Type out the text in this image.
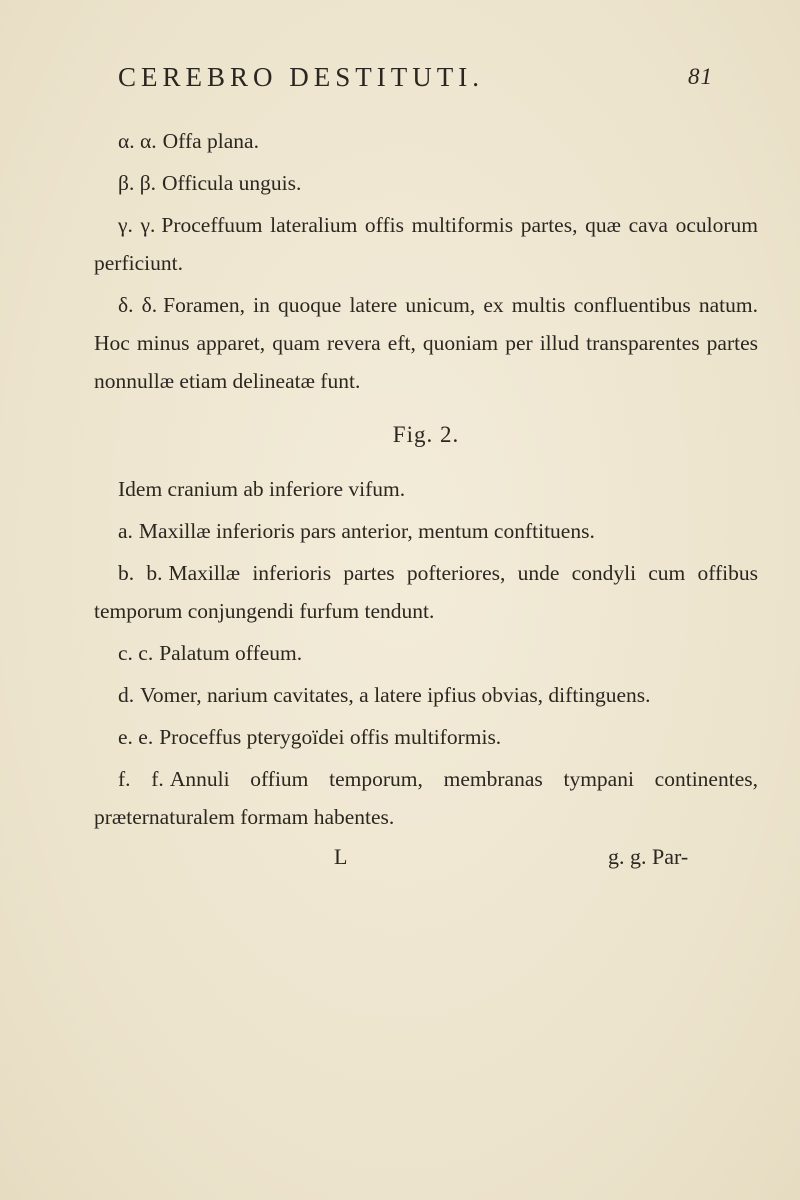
CEREBRO DESTITUTI.	81

α. α. Offa plana.

β. β. Officula unguis.

γ. γ. Proceffuum lateralium offis multiformis partes, quæ cava oculorum perficiunt.

δ. δ. Foramen, in quoque latere unicum, ex multis confluentibus natum. Hoc minus apparet, quam revera eft, quoniam per illud transparentes partes nonnullæ etiam delineatæ funt.

Fig. 2.

Idem cranium ab inferiore vifum.

a. Maxillæ inferioris pars anterior, mentum conftituens.

b. b. Maxillæ inferioris partes pofteriores, unde condyli cum offibus temporum conjungendi furfum tendunt.

c. c. Palatum offeum.

d. Vomer, narium cavitates, a latere ipfius obvias, diftinguens.

e. e. Proceffus pterygoïdei offis multiformis.

f. f. Annuli offium temporum, membranas tympani continentes, præternaturalem formam habentes.

L	g. g. Par-
